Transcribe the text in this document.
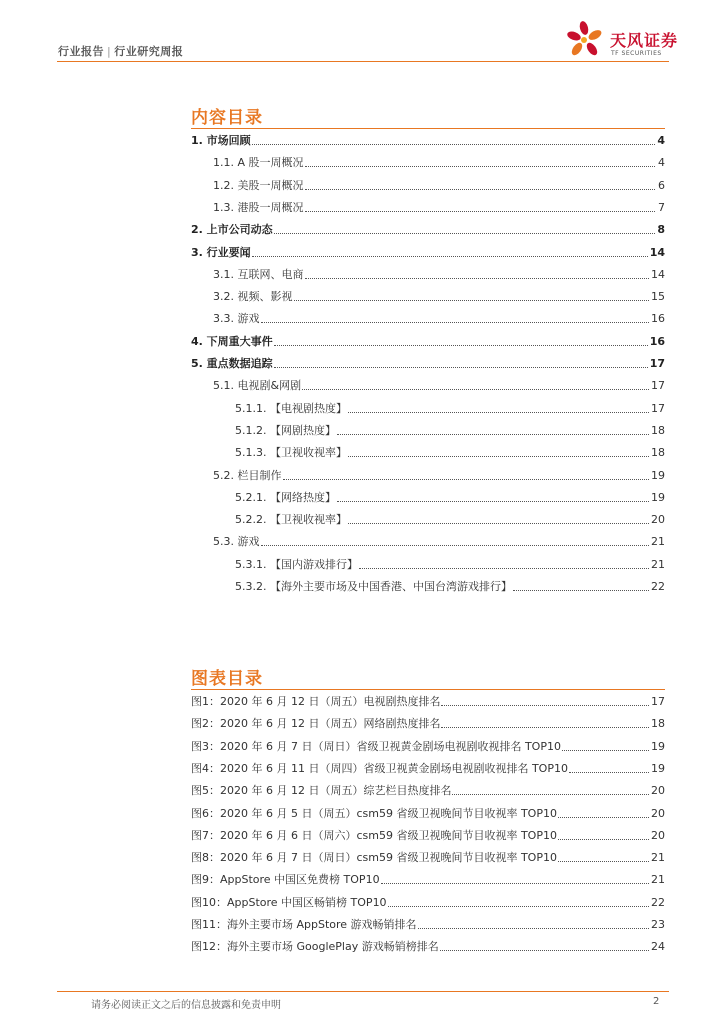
行业报告 | 行业研究周报
天风证券
TF SECURITIES
内容目录
1. 市场回顾	4
1.1. A 股一周概况	4
1.2. 美股一周概况	6
1.3. 港股一周概况	7
2. 上市公司动态	8
3. 行业要闻	14
3.1. 互联网、电商	14
3.2. 视频、影视	15
3.3. 游戏	16
4. 下周重大事件	16
5. 重点数据追踪	17
5.1. 电视剧&网剧	17
5.1.1. 【电视剧热度】	17
5.1.2. 【网剧热度】	18
5.1.3. 【卫视收视率】	18
5.2. 栏目制作	19
5.2.1. 【网络热度】	19
5.2.2. 【卫视收视率】	20
5.3. 游戏	21
5.3.1. 【国内游戏排行】	21
5.3.2. 【海外主要市场及中国香港、中国台湾游戏排行】	22
图表目录
图1：2020 年 6 月 12 日（周五）电视剧热度排名	17
图2：2020 年 6 月 12 日（周五）网络剧热度排名	18
图3：2020 年 6 月 7 日（周日）省级卫视黄金剧场电视剧收视排名 TOP10	19
图4：2020 年 6 月 11 日（周四）省级卫视黄金剧场电视剧收视排名 TOP10	19
图5：2020 年 6 月 12 日（周五）综艺栏目热度排名	20
图6：2020 年 6 月 5 日（周五）csm59 省级卫视晚间节目收视率 TOP10	20
图7：2020 年 6 月 6 日（周六）csm59 省级卫视晚间节目收视率 TOP10	20
图8：2020 年 6 月 7 日（周日）csm59 省级卫视晚间节目收视率 TOP10	21
图9：AppStore 中国区免费榜 TOP10	21
图10：AppStore 中国区畅销榜 TOP10	22
图11：海外主要市场 AppStore 游戏畅销排名	23
图12：海外主要市场 GooglePlay 游戏畅销榜排名	24
请务必阅读正文之后的信息披露和免责申明	2
